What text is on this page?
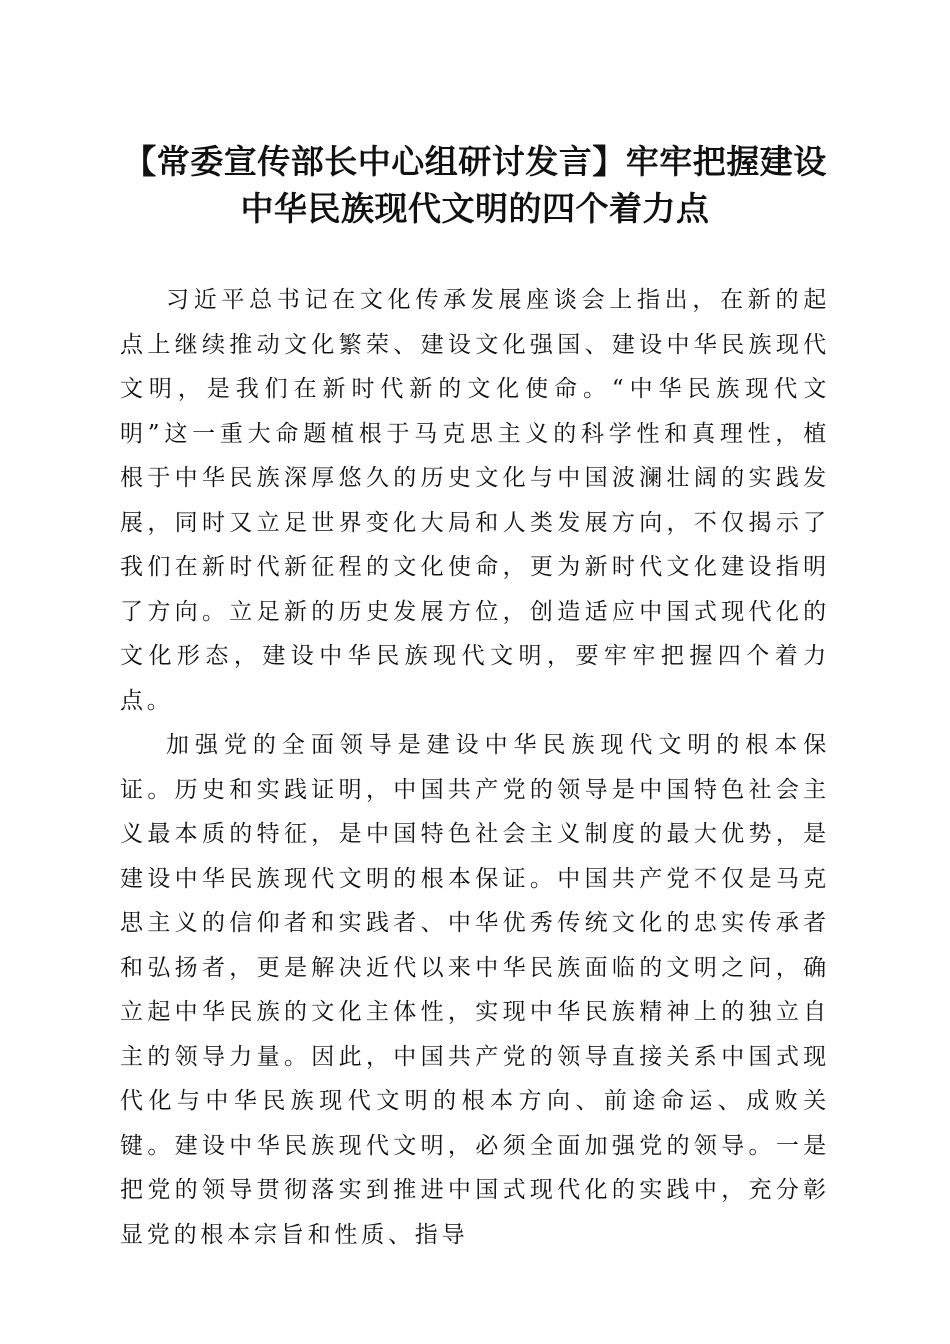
【常委宣传部长中心组研讨发言】牢牢把握建设中华民族现代文明的四个着力点

习近平总书记在文化传承发展座谈会上指出，在新的起点上继续推动文化繁荣、建设文化强国、建设中华民族现代文明，是我们在新时代新的文化使命。“中华民族现代文明”这一重大命题植根于马克思主义的科学性和真理性，植根于中华民族深厚悠久的历史文化与中国波澜壮阔的实践发展，同时又立足世界变化大局和人类发展方向，不仅揭示了我们在新时代新征程的文化使命，更为新时代文化建设指明了方向。立足新的历史发展方位，创造适应中国式现代化的文化形态，建设中华民族现代文明，要牢牢把握四个着力点。

加强党的全面领导是建设中华民族现代文明的根本保证。历史和实践证明，中国共产党的领导是中国特色社会主义最本质的特征，是中国特色社会主义制度的最大优势，是建设中华民族现代文明的根本保证。中国共产党不仅是马克思主义的信仰者和实践者、中华优秀传统文化的忠实传承者和弘扬者，更是解决近代以来中华民族面临的文明之问，确立起中华民族的文化主体性，实现中华民族精神上的独立自主的领导力量。因此，中国共产党的领导直接关系中国式现代化与中华民族现代文明的根本方向、前途命运、成败关键。建设中华民族现代文明，必须全面加强党的领导。一是把党的领导贯彻落实到推进中国式现代化的实践中，充分彰显党的根本宗旨和性质、指导
